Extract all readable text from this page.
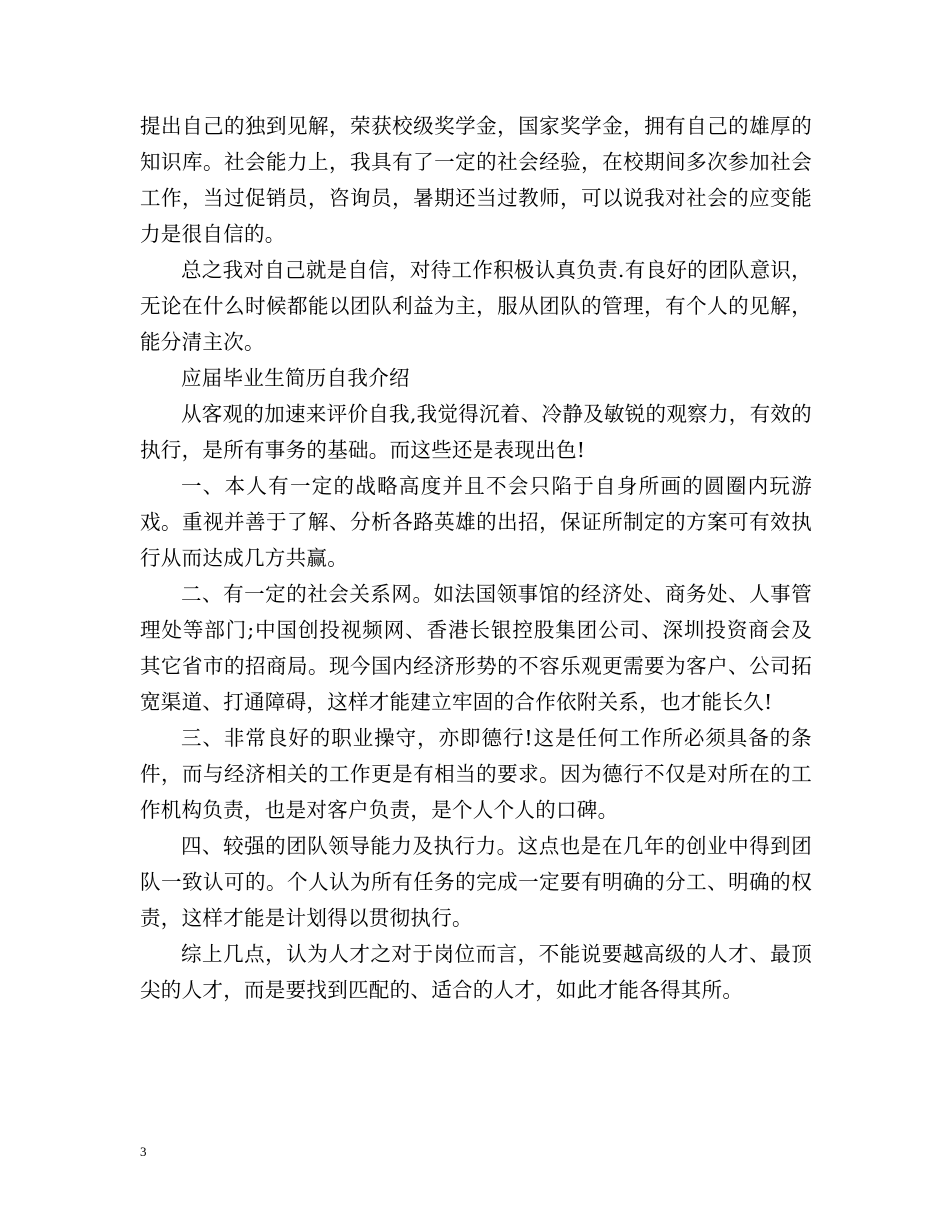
提出自己的独到见解，荣获校级奖学金，国家奖学金，拥有自己的雄厚的知识库。社会能力上，我具有了一定的社会经验，在校期间多次参加社会工作，当过促销员，咨询员，暑期还当过教师，可以说我对社会的应变能力是很自信的。

总之我对自己就是自信，对待工作积极认真负责.有良好的团队意识，无论在什么时候都能以团队利益为主，服从团队的管理，有个人的见解，能分清主次。

应届毕业生简历自我介绍

从客观的加速来评价自我,我觉得沉着、冷静及敏锐的观察力，有效的执行，是所有事务的基础。而这些还是表现出色!

一、本人有一定的战略高度并且不会只陷于自身所画的圆圈内玩游戏。重视并善于了解、分析各路英雄的出招，保证所制定的方案可有效执行从而达成几方共赢。

二、有一定的社会关系网。如法国领事馆的经济处、商务处、人事管理处等部门;中国创投视频网、香港长银控股集团公司、深圳投资商会及其它省市的招商局。现今国内经济形势的不容乐观更需要为客户、公司拓宽渠道、打通障碍，这样才能建立牢固的合作依附关系，也才能长久!

三、非常良好的职业操守，亦即德行!这是任何工作所必须具备的条件，而与经济相关的工作更是有相当的要求。因为德行不仅是对所在的工作机构负责，也是对客户负责，是个人个人的口碑。

四、较强的团队领导能力及执行力。这点也是在几年的创业中得到团队一致认可的。个人认为所有任务的完成一定要有明确的分工、明确的权责，这样才能是计划得以贯彻执行。

综上几点，认为人才之对于岗位而言，不能说要越高级的人才、最顶尖的人才，而是要找到匹配的、适合的人才，如此才能各得其所。

3
